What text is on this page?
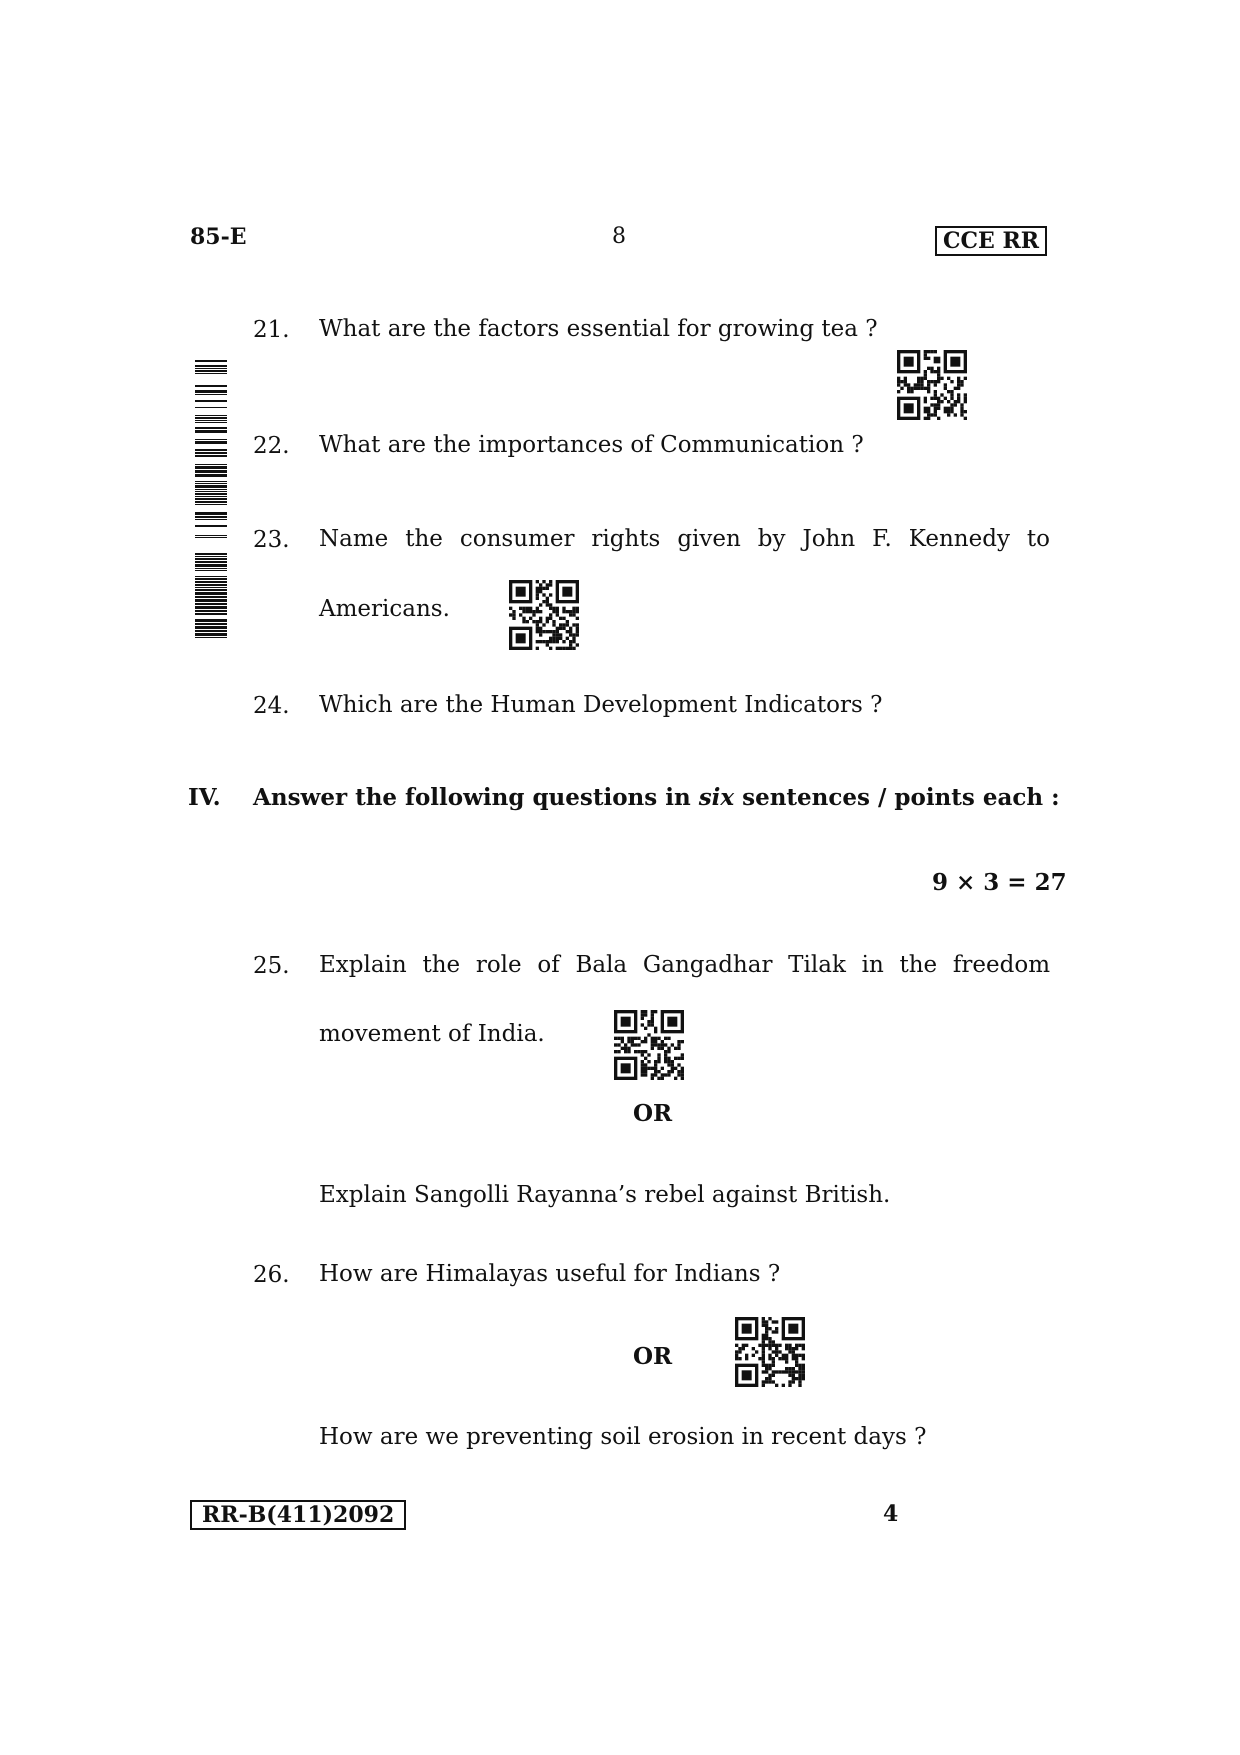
85-E	8	CCE RR
21. What are the factors essential for growing tea ?
22. What are the importances of Communication ?
23. Name the consumer rights given by John F. Kennedy to
Americans.
24. Which are the Human Development Indicators ?
IV. Answer the following questions in six sentences / points each :
9 × 3 = 27
25. Explain the role of Bala Gangadhar Tilak in the freedom
movement of India.
OR
Explain Sangolli Rayanna’s rebel against British.
26. How are Himalayas useful for Indians ?
OR
How are we preventing soil erosion in recent days ?
RR-B(411)2092	4
